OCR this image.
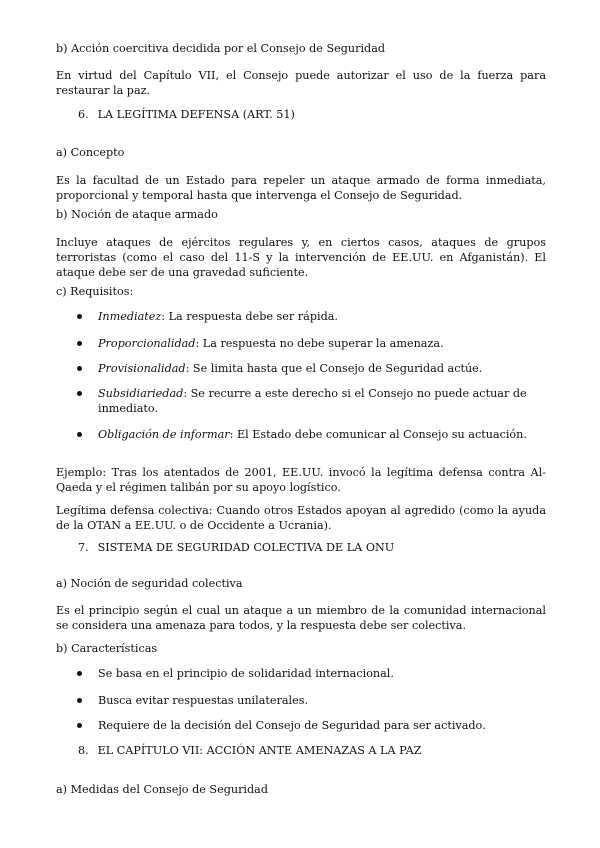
b) Acción coercitiva decidida por el Consejo de Seguridad

En virtud del Capítulo VII, el Consejo puede autorizar el uso de la fuerza para restaurar la paz.

6. LA LEGÍTIMA DEFENSA (ART. 51)

a) Concepto

Es la facultad de un Estado para repeler un ataque armado de forma inmediata, proporcional y temporal hasta que intervenga el Consejo de Seguridad.

b) Noción de ataque armado

Incluye ataques de ejércitos regulares y, en ciertos casos, ataques de grupos terroristas (como el caso del 11-S y la intervención de EE.UU. en Afganistán). El ataque debe ser de una gravedad suficiente.

c) Requisitos:

Inmediatez: La respuesta debe ser rápida.
Proporcionalidad: La respuesta no debe superar la amenaza.
Provisionalidad: Se limita hasta que el Consejo de Seguridad actúe.
Subsidiariedad: Se recurre a este derecho si el Consejo no puede actuar de inmediato.
Obligación de informar: El Estado debe comunicar al Consejo su actuación.

Ejemplo: Tras los atentados de 2001, EE.UU. invocó la legítima defensa contra Al-Qaeda y el régimen talibán por su apoyo logístico.

Legítima defensa colectiva: Cuando otros Estados apoyan al agredido (como la ayuda de la OTAN a EE.UU. o de Occidente a Ucrania).

7. SISTEMA DE SEGURIDAD COLECTIVA DE LA ONU

a) Noción de seguridad colectiva

Es el principio según el cual un ataque a un miembro de la comunidad internacional se considera una amenaza para todos, y la respuesta debe ser colectiva.

b) Características

Se basa en el principio de solidaridad internacional.
Busca evitar respuestas unilaterales.
Requiere de la decisión del Consejo de Seguridad para ser activado.
8. EL CAPÍTULO VII: ACCIÓN ANTE AMENAZAS A LA PAZ

a) Medidas del Consejo de Seguridad
